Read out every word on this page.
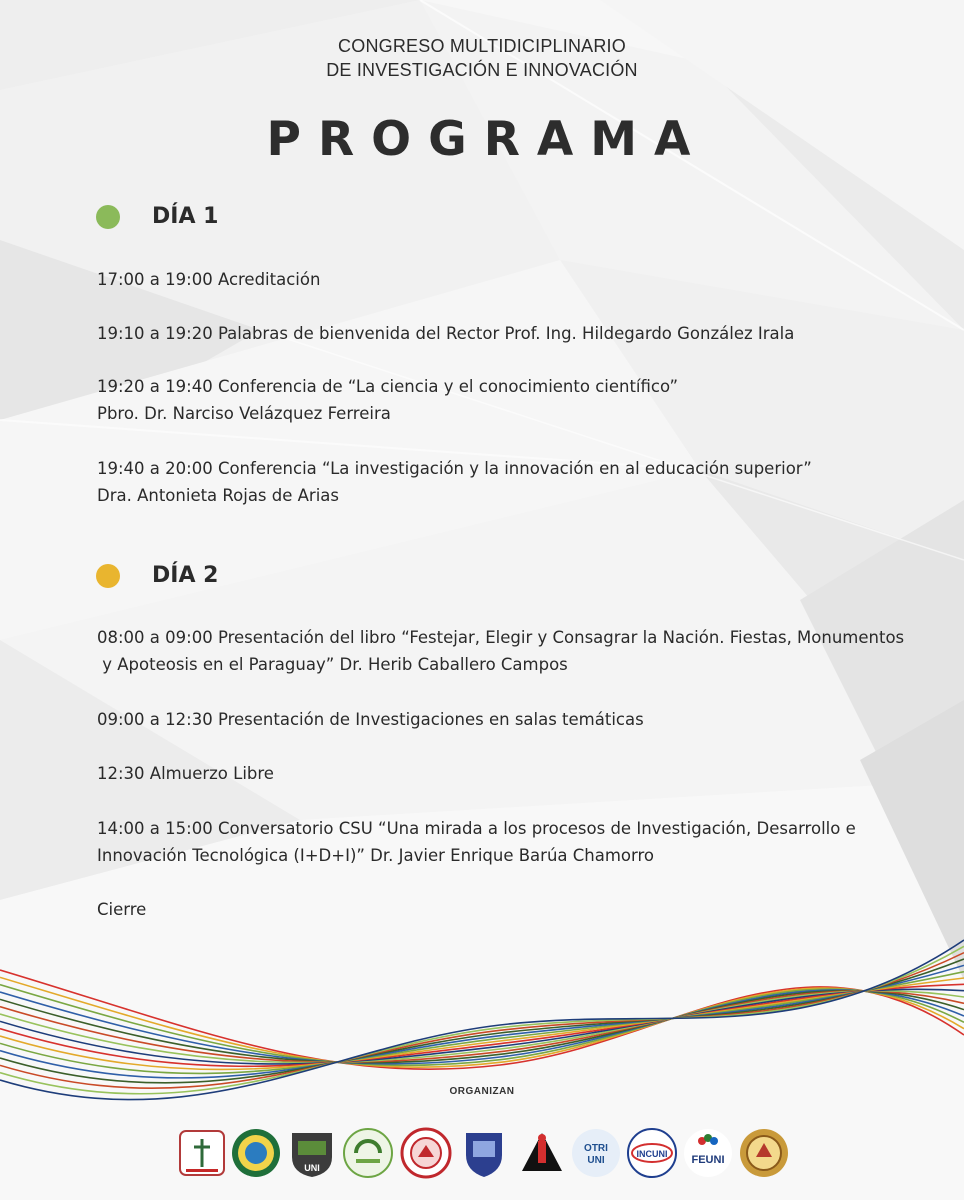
CONGRESO MULTIDICIPLINARIO
DE INVESTIGACIÓN E INNOVACIÓN
PROGRAMA
DÍA 1
17:00 a 19:00 Acreditación
19:10 a 19:20 Palabras de bienvenida del Rector Prof. Ing. Hildegardo González Irala
19:20 a 19:40 Conferencia de “La ciencia y el conocimiento científico”
Pbro. Dr. Narciso Velázquez Ferreira
19:40 a 20:00 Conferencia “La investigación y la innovación en al educación superior”
Dra. Antonieta Rojas de Arias
DÍA 2
08:00 a 09:00 Presentación del libro “Festejar, Elegir y Consagrar la Nación. Fiestas, Monumentos
y Apoteosis en el Paraguay” Dr. Herib Caballero Campos
09:00 a 12:30 Presentación de Investigaciones en salas temáticas
12:30 Almuerzo Libre
14:00 a 15:00 Conversatorio CSU “Una mirada a los procesos de Investigación, Desarrollo e
Innovación Tecnológica (I+D+I)” Dr. Javier Enrique Barúa Chamorro
Cierre
ORGANIZAN
UNI
OTRI
UNI
INCUNI FEUNI
